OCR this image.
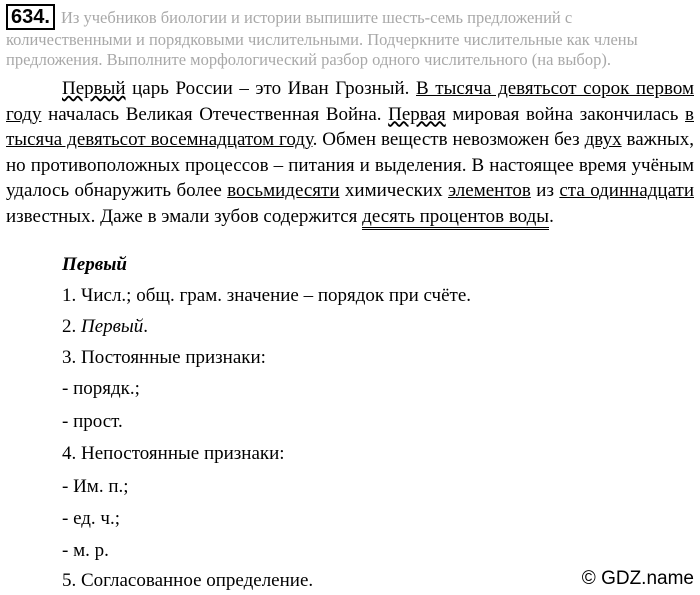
634. Из учебников биологии и истории выпишите шесть-семь предложений с количественными и порядковыми числительными. Подчеркните числительные как члены предложения. Выполните морфологический разбор одного числительного (на выбор).
Первый царь России – это Иван Грозный. В тысяча девятьсот сорок первом году началась Великая Отечественная Война. Первая мировая война закончилась в тысяча девятьсот восемнадцатом году. Обмен веществ невозможен без двух важных, но противоположных процессов – питания и выделения. В настоящее время учёным удалось обнаружить более восьмидесяти химических элементов из ста одиннадцати известных. Даже в эмали зубов содержится десять процентов воды.
Первый
1. Числ.; общ. грам. значение – порядок при счёте.
2. Первый.
3. Постоянные признаки:
- порядк.;
- прост.
4. Непостоянные признаки:
- Им. п.;
- ед. ч.;
- м. р.
5. Согласованное определение.	© GDZ.name
